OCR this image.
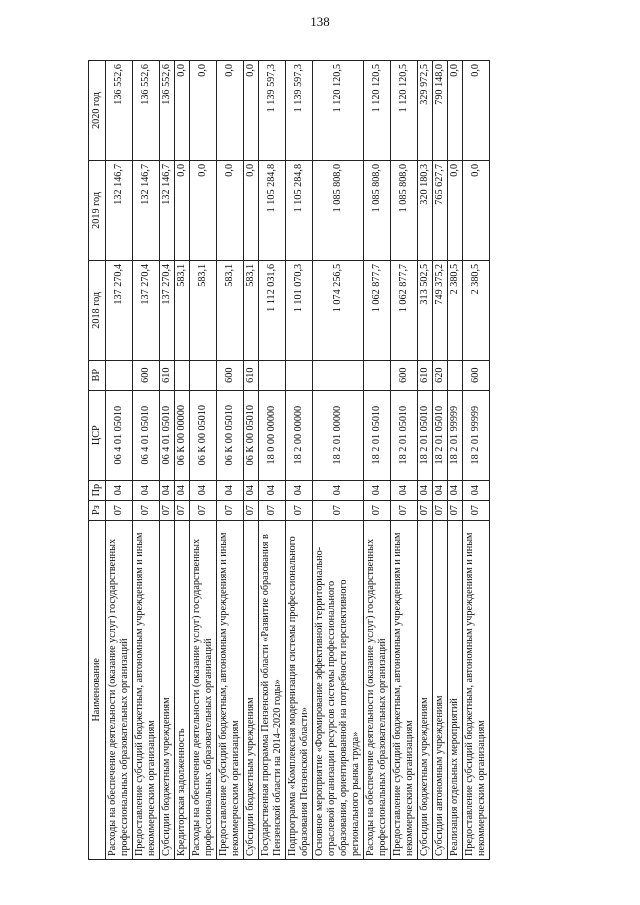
138
Наименование	Рз	Пр	ЦСР	ВР	2018 год	2019 год	2020 год
Расходы на обеспечение деятельности (оказание услуг) государственных профессиональных образовательных организаций	07	04	06 4 01 05010		137 270,4	132 146,7	136 552,6
Предоставление субсидий бюджетным, автономным учреждениям и иным некоммерческим организациям	07	04	06 4 01 05010	600	137 270,4	132 146,7	136 552,6
Субсидии бюджетным учреждениям	07	04	06 4 01 05010	610	137 270,4	132 146,7	136 552,6
Кредиторская задолженность	07	04	06 К 00 00000		583,1	0,0	0,0
Расходы на обеспечение деятельности (оказание услуг) государственных профессиональных образовательных организаций	07	04	06 К 00 05010		583,1	0,0	0,0
Предоставление субсидий бюджетным, автономным учреждениям и иным некоммерческим организациям	07	04	06 К 00 05010	600	583,1	0,0	0,0
Субсидии бюджетным учреждениям	07	04	06 К 00 05010	610	583,1	0,0	0,0
Государственная программа Пензенской области «Развитие образования в Пензенской области на 2014–2020 годы»	07	04	18 0 00 00000		1 112 031,6	1 105 284,8	1 139 597,3
Подпрограмма «Комплексная модернизация системы профессионального образования Пензенской области»	07	04	18 2 00 00000		1 101 070,3	1 105 284,8	1 139 597,3
Основное мероприятие «Формирование эффективной территориально-отраслевой организации ресурсов системы профессионального образования, ориентированной на потребности перспективного регионального рынка труда»	07	04	18 2 01 00000		1 074 256,5	1 085 808,0	1 120 120,5
Расходы на обеспечение деятельности (оказание услуг) государственных профессиональных образовательных организаций	07	04	18 2 01 05010		1 062 877,7	1 085 808,0	1 120 120,5
Предоставление субсидий бюджетным, автономным учреждениям и иным некоммерческим организациям	07	04	18 2 01 05010	600	1 062 877,7	1 085 808,0	1 120 120,5
Субсидии бюджетным учреждениям	07	04	18 2 01 05010	610	313 502,5	320 180,3	329 972,5
Субсидии автономным учреждениям	07	04	18 2 01 05010	620	749 375,2	765 627,7	790 148,0
Реализация отдельных мероприятий	07	04	18 2 01 99999		2 380,5	0,0	0,0
Предоставление субсидий бюджетным, автономным учреждениям и иным некоммерческим организациям	07	04	18 2 01 99999	600	2 380,5	0,0	0,0
